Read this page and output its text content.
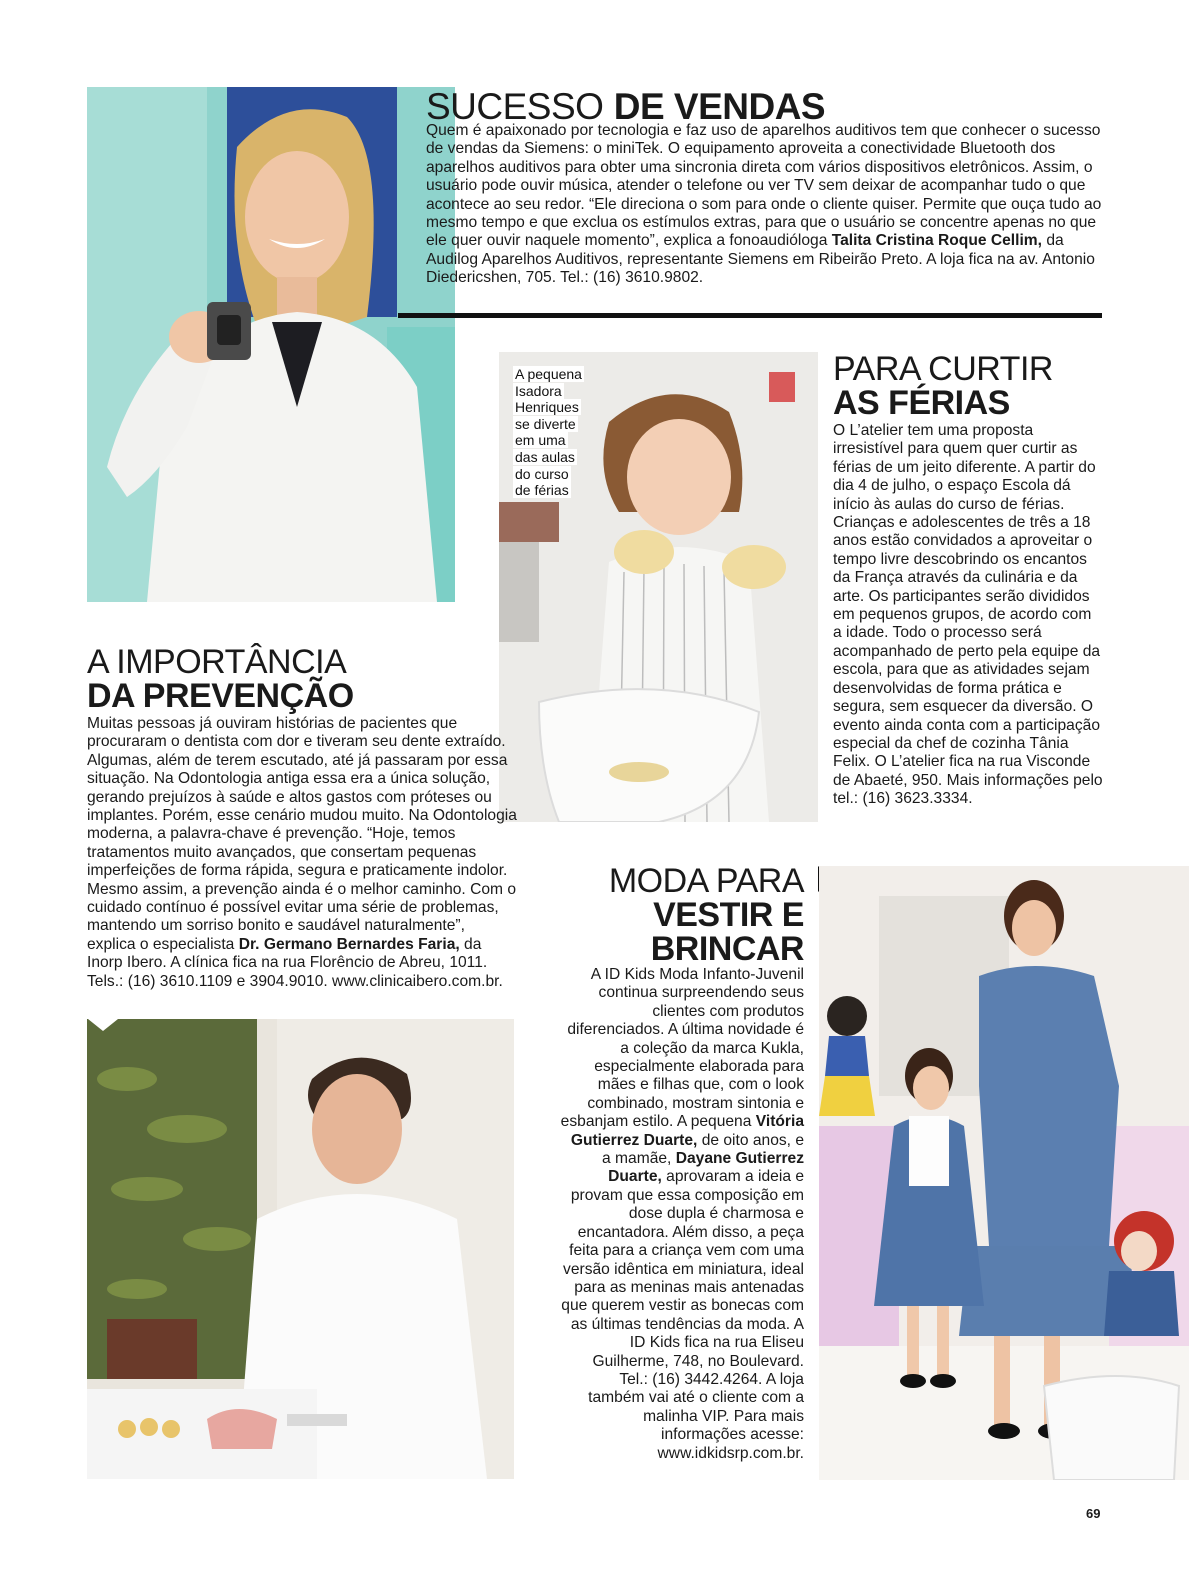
SUCESSO DE VENDAS

Quem é apaixonado por tecnologia e faz uso de aparelhos auditivos tem que conhecer o sucesso de vendas da Siemens: o miniTek. O equipamento aproveita a conectividade Bluetooth dos aparelhos auditivos para obter uma sincronia direta com vários dispositivos eletrônicos. Assim, o usuário pode ouvir música, atender o telefone ou ver TV sem deixar de acompanhar tudo o que acontece ao seu redor. “Ele direciona o som para onde o cliente quiser. Permite que ouça tudo ao mesmo tempo e que exclua os estímulos extras, para que o usuário se concentre apenas no que ele quer ouvir naquele momento”, explica a fonoaudióloga Talita Cristina Roque Cellim, da Audilog Aparelhos Auditivos, representante Siemens em Ribeirão Preto. A loja fica na av. Antonio Diedericshen, 705. Tel.: (16) 3610.9802.

A pequena
Isadora
Henriques
se diverte
em uma
das aulas
do curso
de férias
PARA CURTIR
AS FÉRIAS

O L’atelier tem uma proposta irresistível para quem quer curtir as férias de um jeito diferente. A partir do dia 4 de julho, o espaço Escola dá início às aulas do curso de férias. Crianças e adolescentes de três a 18 anos estão convidados a aproveitar o tempo livre descobrindo os encantos da França através da culinária e da arte. Os participantes serão divididos em pequenos grupos, de acordo com a idade. Todo o processo será acompanhado de perto pela equipe da escola, para que as atividades sejam desenvolvidas de forma prática e segura, sem esquecer da diversão. O evento ainda conta com a participação especial da chef de cozinha Tânia Felix. O L’atelier fica na rua Visconde de Abaeté, 950. Mais informações pelo tel.: (16) 3623.3334.

A IMPORTÂNCIA
DA PREVENÇÃO

Muitas pessoas já ouviram histórias de pacientes que procuraram o dentista com dor e tiveram seu dente extraído. Algumas, além de terem escutado, até já passaram por essa situação. Na Odontologia antiga essa era a única solução, gerando prejuízos à saúde e altos gastos com próteses ou implantes. Porém, esse cenário mudou muito. Na Odontologia moderna, a palavra-chave é prevenção. “Hoje, temos tratamentos muito avançados, que consertam pequenas imperfeições de forma rápida, segura e praticamente indolor. Mesmo assim, a prevenção ainda é o melhor caminho. Com o cuidado contínuo é possível evitar uma série de problemas, mantendo um sorriso bonito e saudável naturalmente”, explica o especialista Dr. Germano Bernardes Faria, da Inorp Ibero. A clínica fica na rua Florêncio de Abreu, 1011. Tels.: (16) 3610.1109 e 3904.9010. www.clinicaibero.com.br.

MODA PARA
VESTIR E
BRINCAR

A ID Kids Moda Infanto-Juvenil continua surpreendendo seus clientes com produtos diferenciados. A última novidade é a coleção da marca Kukla, especialmente elaborada para mães e filhas que, com o look combinado, mostram sintonia e esbanjam estilo. A pequena Vitória Gutierrez Duarte, de oito anos, e a mamãe, Dayane Gutierrez Duarte, aprovaram a ideia e provam que essa composição em dose dupla é charmosa e encantadora. Além disso, a peça feita para a criança vem com uma versão idêntica em miniatura, ideal para as meninas mais antenadas que querem vestir as bonecas com as últimas tendências da moda. A ID Kids fica na rua Eliseu Guilherme, 748, no Boulevard. Tel.: (16) 3442.4264. A loja também vai até o cliente com a malinha VIP. Para mais informações acesse: www.idkidsrp.com.br.

69
